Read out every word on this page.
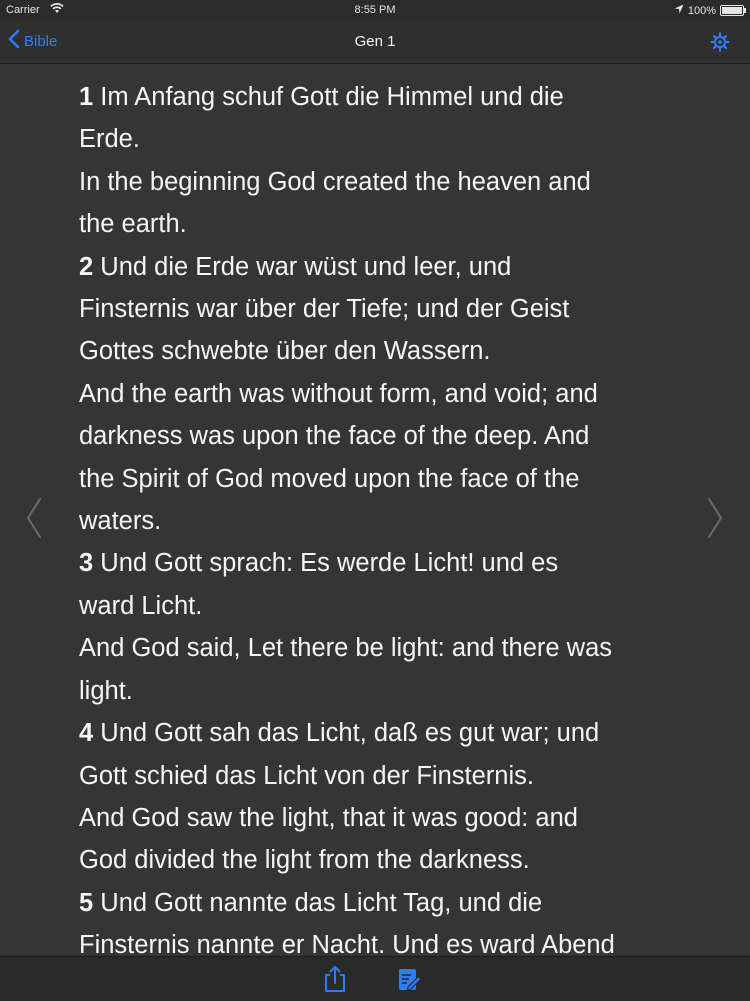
Carrier	8:55 PM	100%
Bible	Gen 1
1 Im Anfang schuf Gott die Himmel und die
Erde.
In the beginning God created the heaven and
the earth.
2 Und die Erde war wüst und leer, und
Finsternis war über der Tiefe; und der Geist
Gottes schwebte über den Wassern.
And the earth was without form, and void; and
darkness was upon the face of the deep. And
the Spirit of God moved upon the face of the
waters.
3 Und Gott sprach: Es werde Licht! und es
ward Licht.
And God said, Let there be light: and there was
light.
4 Und Gott sah das Licht, daß es gut war; und
Gott schied das Licht von der Finsternis.
And God saw the light, that it was good: and
God divided the light from the darkness.
5 Und Gott nannte das Licht Tag, und die
Finsternis nannte er Nacht. Und es ward Abend
